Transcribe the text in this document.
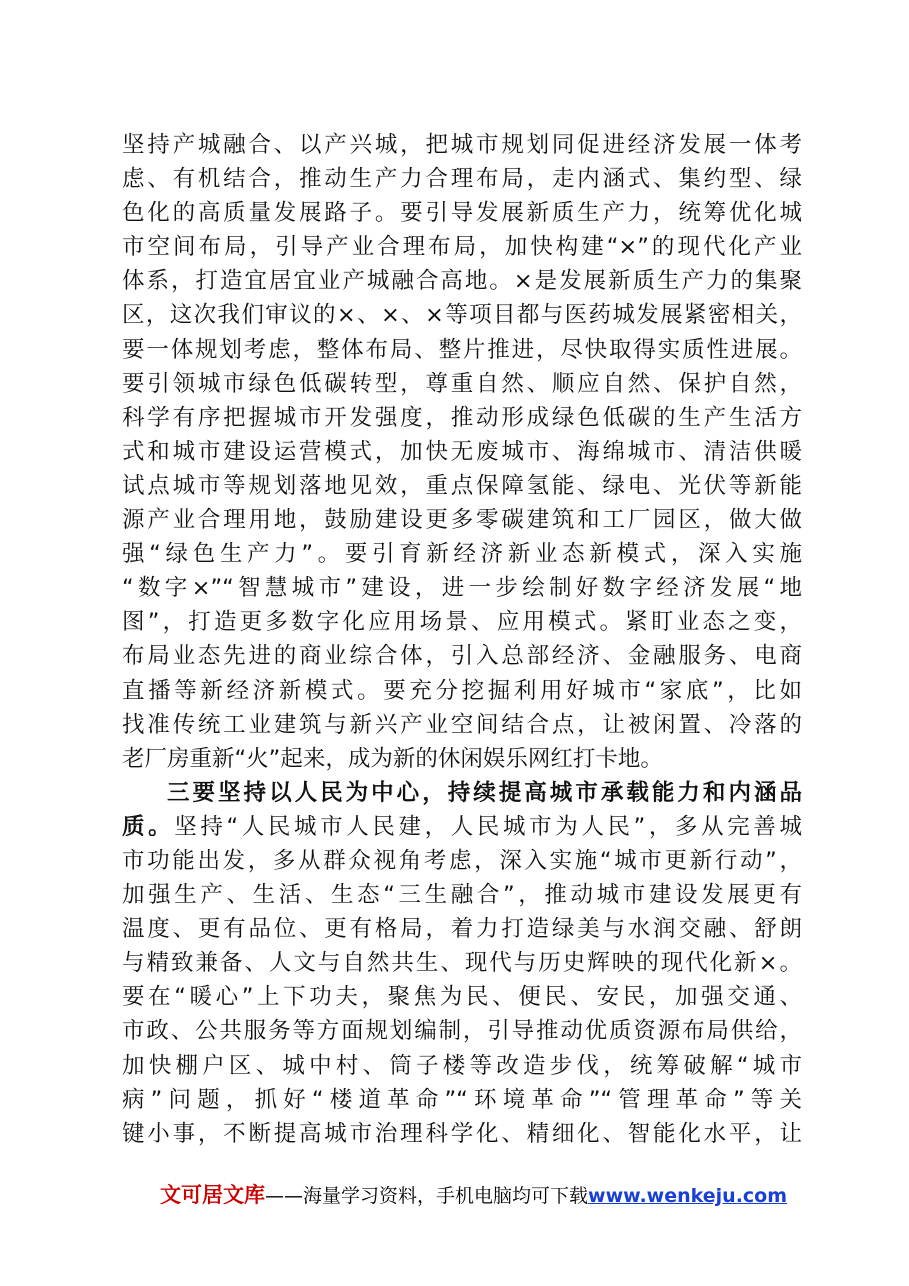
坚持产城融合、以产兴城，把城市规划同促进经济发展一体考
虑、有机结合，推动生产力合理布局，走内涵式、集约型、绿
色化的高质量发展路子。要引导发展新质生产力，统筹优化城
市空间布局，引导产业合理布局，加快构建“×”的现代化产业
体系，打造宜居宜业产城融合高地。×是发展新质生产力的集聚
区，这次我们审议的×、×、×等项目都与医药城发展紧密相关，
要一体规划考虑，整体布局、整片推进，尽快取得实质性进展。
要引领城市绿色低碳转型，尊重自然、顺应自然、保护自然，
科学有序把握城市开发强度，推动形成绿色低碳的生产生活方
式和城市建设运营模式，加快无废城市、海绵城市、清洁供暖
试点城市等规划落地见效，重点保障氢能、绿电、光伏等新能
源产业合理用地，鼓励建设更多零碳建筑和工厂园区，做大做
强“绿色生产力”。要引育新经济新业态新模式，深入实施
“数字×”“智慧城市”建设，进一步绘制好数字经济发展“地
图”，打造更多数字化应用场景、应用模式。紧盯业态之变，
布局业态先进的商业综合体，引入总部经济、金融服务、电商
直播等新经济新模式。要充分挖掘利用好城市“家底”，比如
找准传统工业建筑与新兴产业空间结合点，让被闲置、冷落的
老厂房重新“火”起来，成为新的休闲娱乐网红打卡地。
三要坚持以人民为中心，持续提高城市承载能力和内涵品
质。坚持“人民城市人民建，人民城市为人民”，多从完善城
市功能出发，多从群众视角考虑，深入实施“城市更新行动”，
加强生产、生活、生态“三生融合”，推动城市建设发展更有
温度、更有品位、更有格局，着力打造绿美与水润交融、舒朗
与精致兼备、人文与自然共生、现代与历史辉映的现代化新×。
要在“暖心”上下功夫，聚焦为民、便民、安民，加强交通、
市政、公共服务等方面规划编制，引导推动优质资源布局供给，
加快棚户区、城中村、筒子楼等改造步伐，统筹破解“城市
病”问题，抓好“楼道革命”“环境革命”“管理革命”等关
键小事，不断提高城市治理科学化、精细化、智能化水平，让
文可居文库——海量学习资料，手机电脑均可下载www.wenkeju.com
